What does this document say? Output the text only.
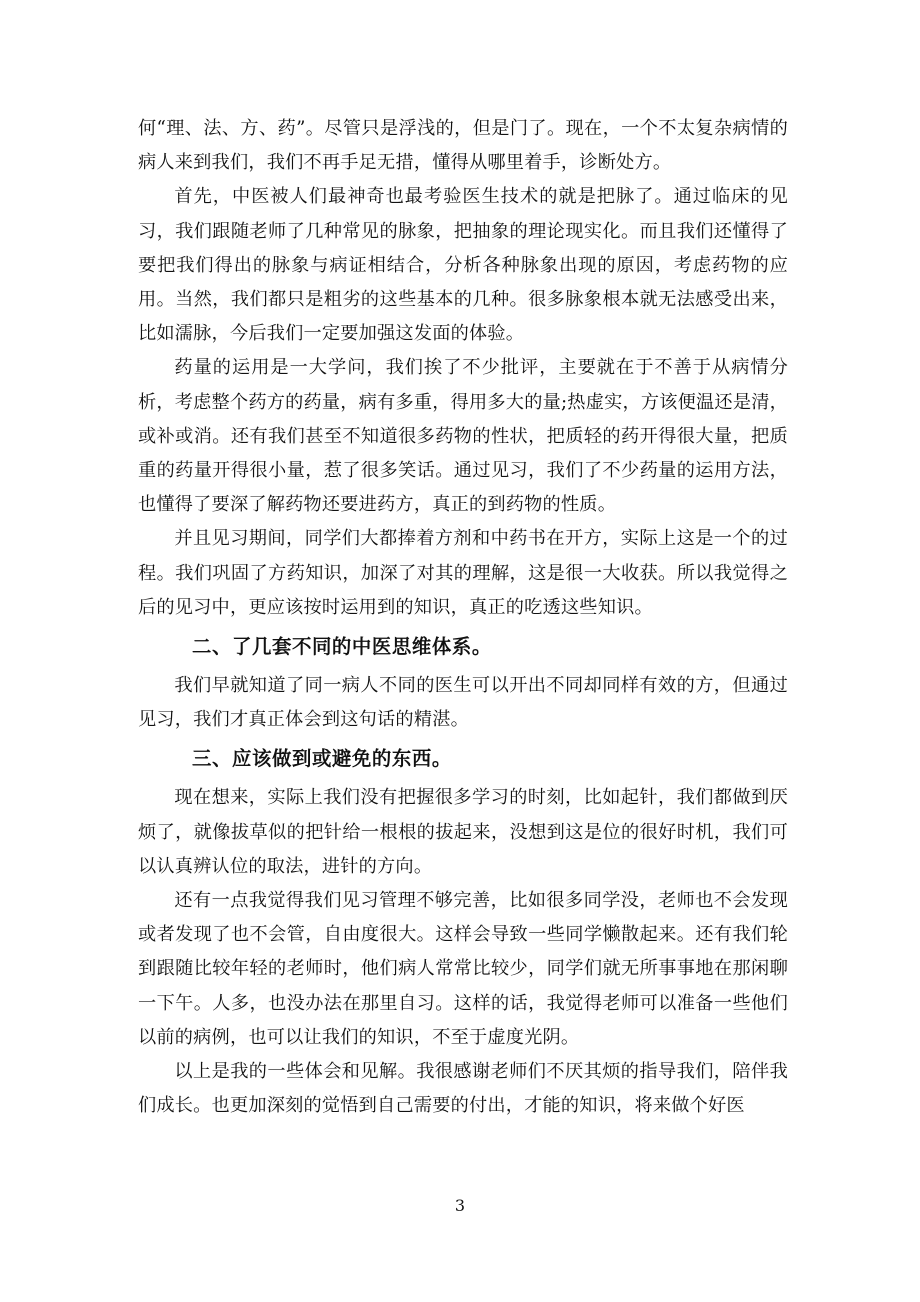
何“理、法、方、药”。尽管只是浮浅的，但是门了。现在，一个不太复杂病情的病人来到我们，我们不再手足无措，懂得从哪里着手，诊断处方。

首先，中医被人们最神奇也最考验医生技术的就是把脉了。通过临床的见习，我们跟随老师了几种常见的脉象，把抽象的理论现实化。而且我们还懂得了要把我们得出的脉象与病证相结合，分析各种脉象出现的原因，考虑药物的应用。当然，我们都只是粗劣的这些基本的几种。很多脉象根本就无法感受出来，比如濡脉，今后我们一定要加强这发面的体验。

药量的运用是一大学问，我们挨了不少批评，主要就在于不善于从病情分析，考虑整个药方的药量，病有多重，得用多大的量;热虚实，方该便温还是清，或补或消。还有我们甚至不知道很多药物的性状，把质轻的药开得很大量，把质重的药量开得很小量，惹了很多笑话。通过见习，我们了不少药量的运用方法，也懂得了要深了解药物还要进药方，真正的到药物的性质。

并且见习期间，同学们大都捧着方剂和中药书在开方，实际上这是一个的过程。我们巩固了方药知识，加深了对其的理解，这是很一大收获。所以我觉得之后的见习中，更应该按时运用到的知识，真正的吃透这些知识。

二、了几套不同的中医思维体系。

我们早就知道了同一病人不同的医生可以开出不同却同样有效的方，但通过见习，我们才真正体会到这句话的精湛。

三、应该做到或避免的东西。

现在想来，实际上我们没有把握很多学习的时刻，比如起针，我们都做到厌烦了，就像拔草似的把针给一根根的拔起来，没想到这是位的很好时机，我们可以认真辨认位的取法，进针的方向。

还有一点我觉得我们见习管理不够完善，比如很多同学没，老师也不会发现或者发现了也不会管，自由度很大。这样会导致一些同学懒散起来。还有我们轮到跟随比较年轻的老师时，他们病人常常比较少，同学们就无所事事地在那闲聊一下午。人多，也没办法在那里自习。这样的话，我觉得老师可以准备一些他们以前的病例，也可以让我们的知识，不至于虚度光阴。

以上是我的一些体会和见解。我很感谢老师们不厌其烦的指导我们，陪伴我们成长。也更加深刻的觉悟到自己需要的付出，才能的知识，将来做个好医

3
